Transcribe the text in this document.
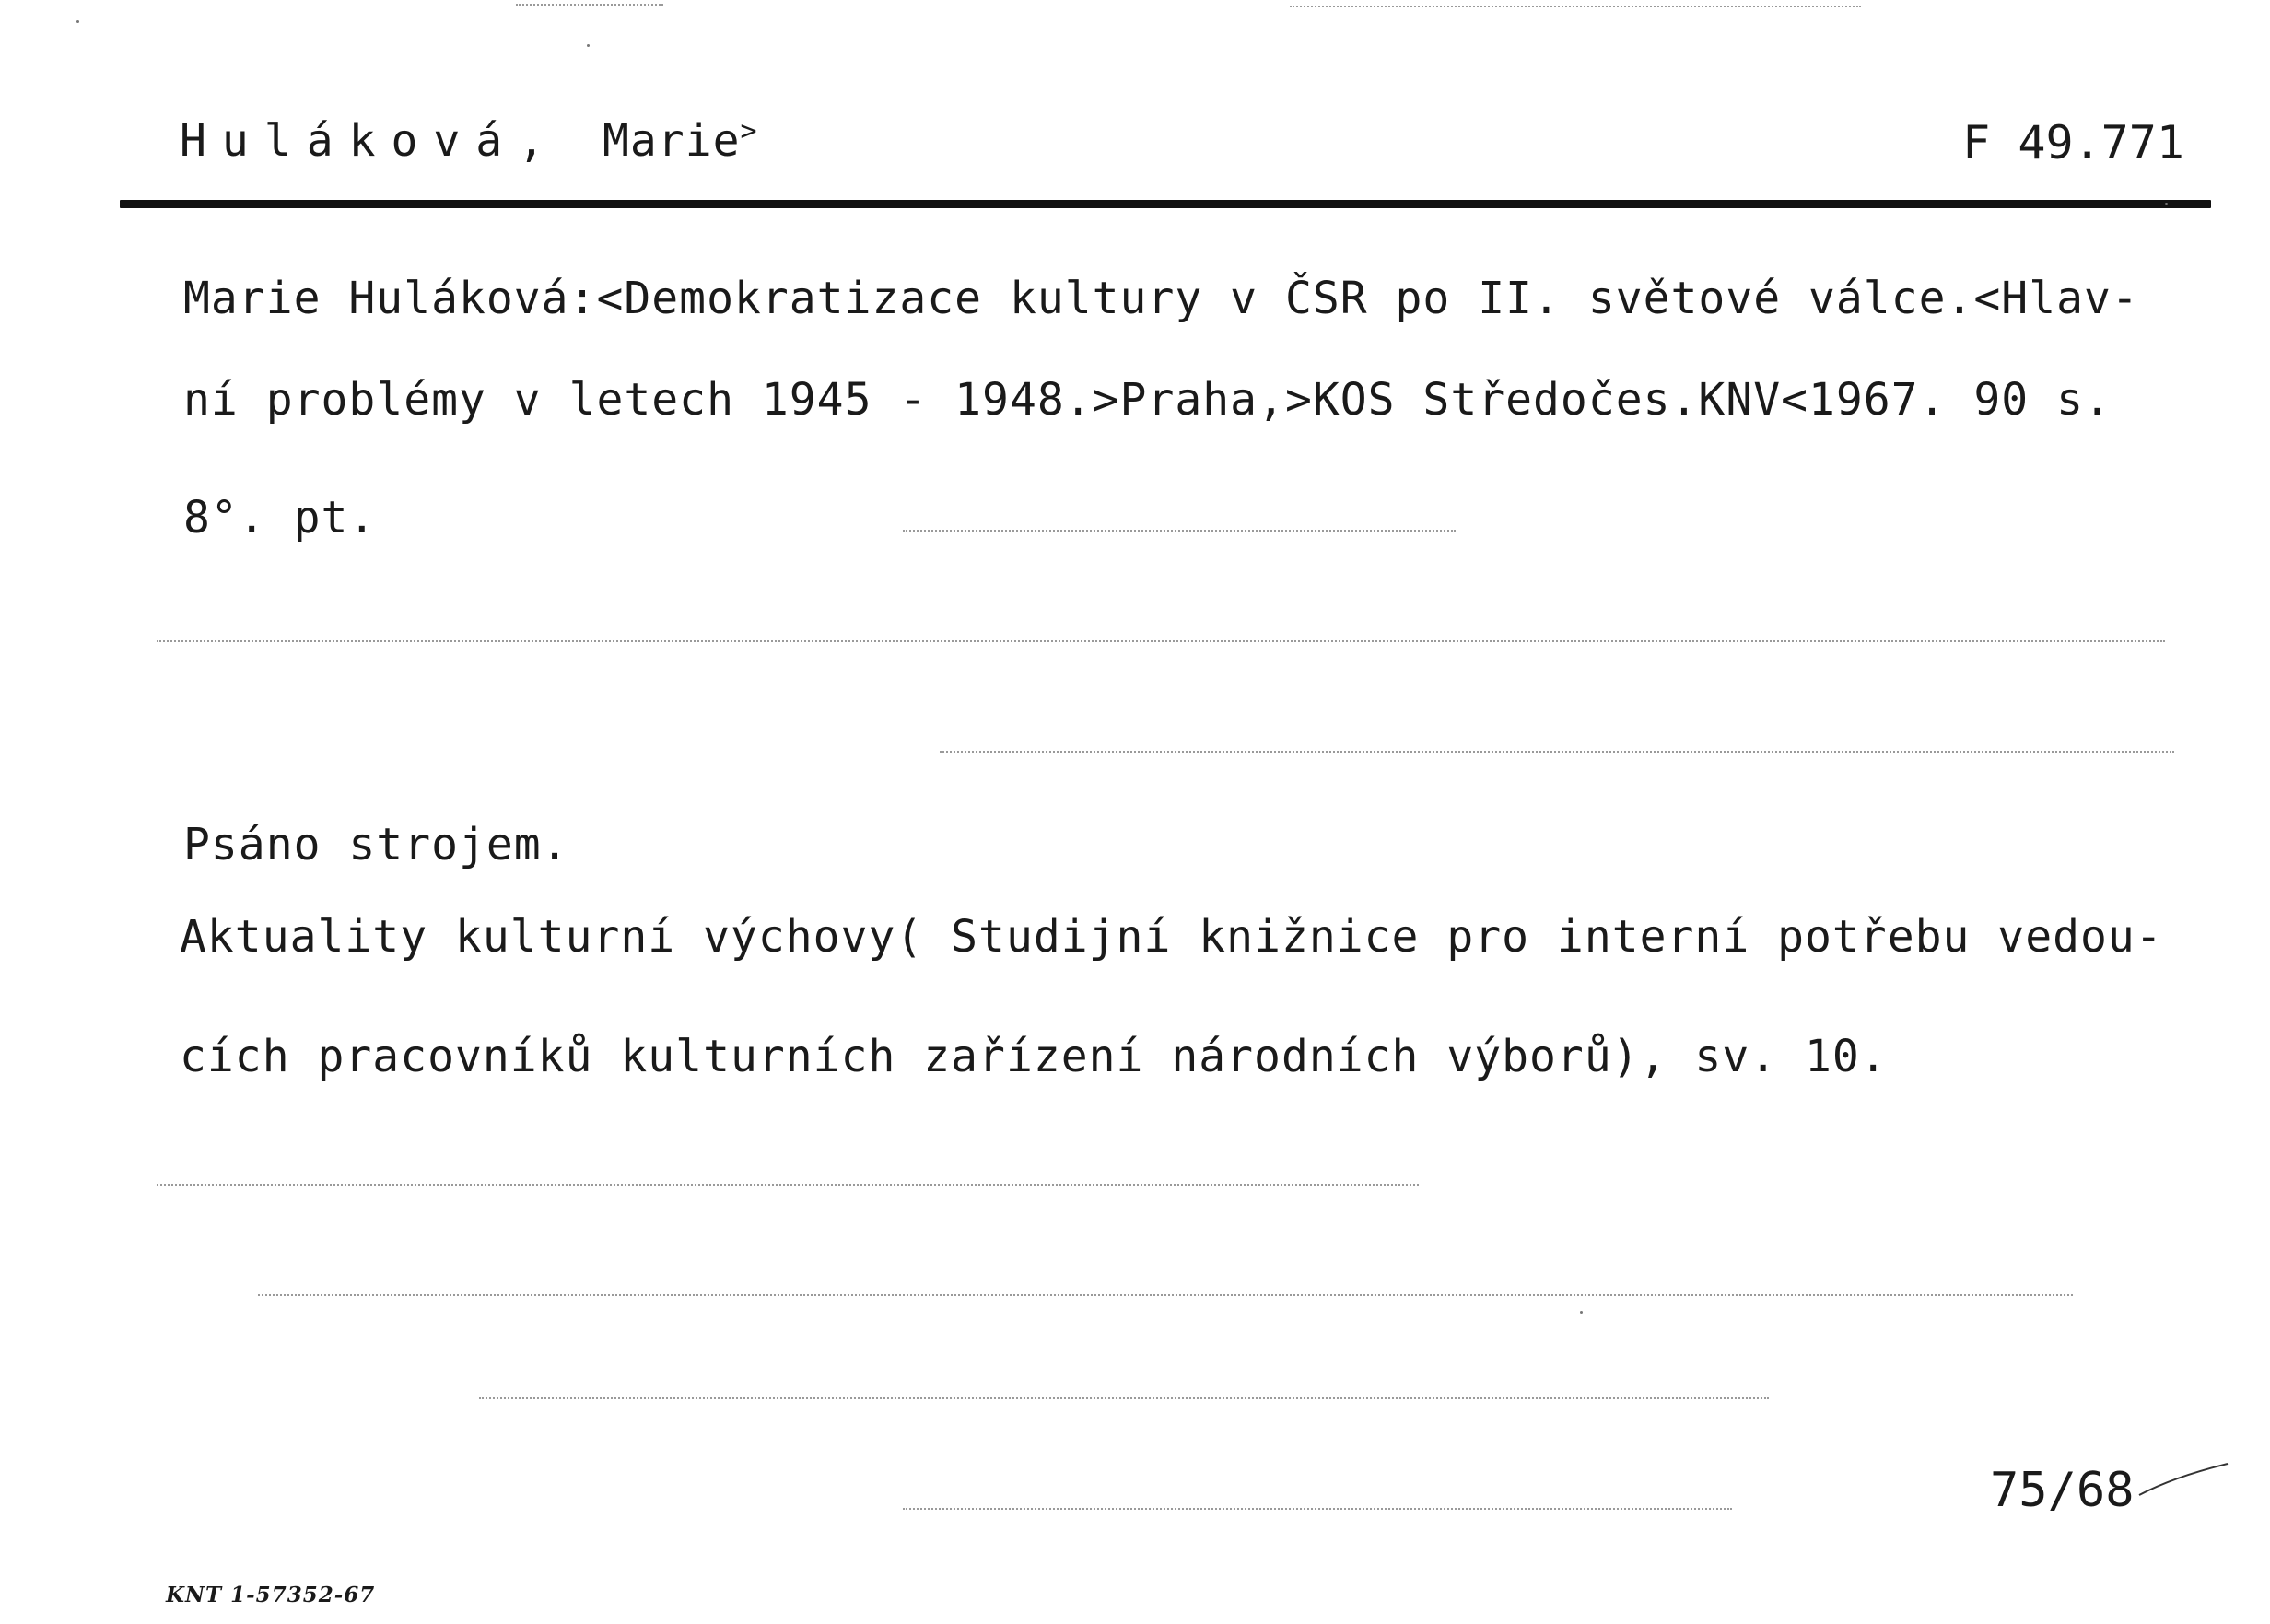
Huláková, Marie>	F 49.771
Marie Huláková:<Demokratizace kultury v ČSR po II. světové válce.<Hlav-
ní problémy v letech 1945 - 1948.>Praha,>KOS Středočes.KNV<1967. 90 s.
8°. pt.
Psáno strojem.
Aktuality kulturní výchovy( Studijní knižnice pro interní potřebu vedou-
cích pracovníků kulturních zařízení národních výborů), sv. 10.
75/68
KNT 1-57352-67
